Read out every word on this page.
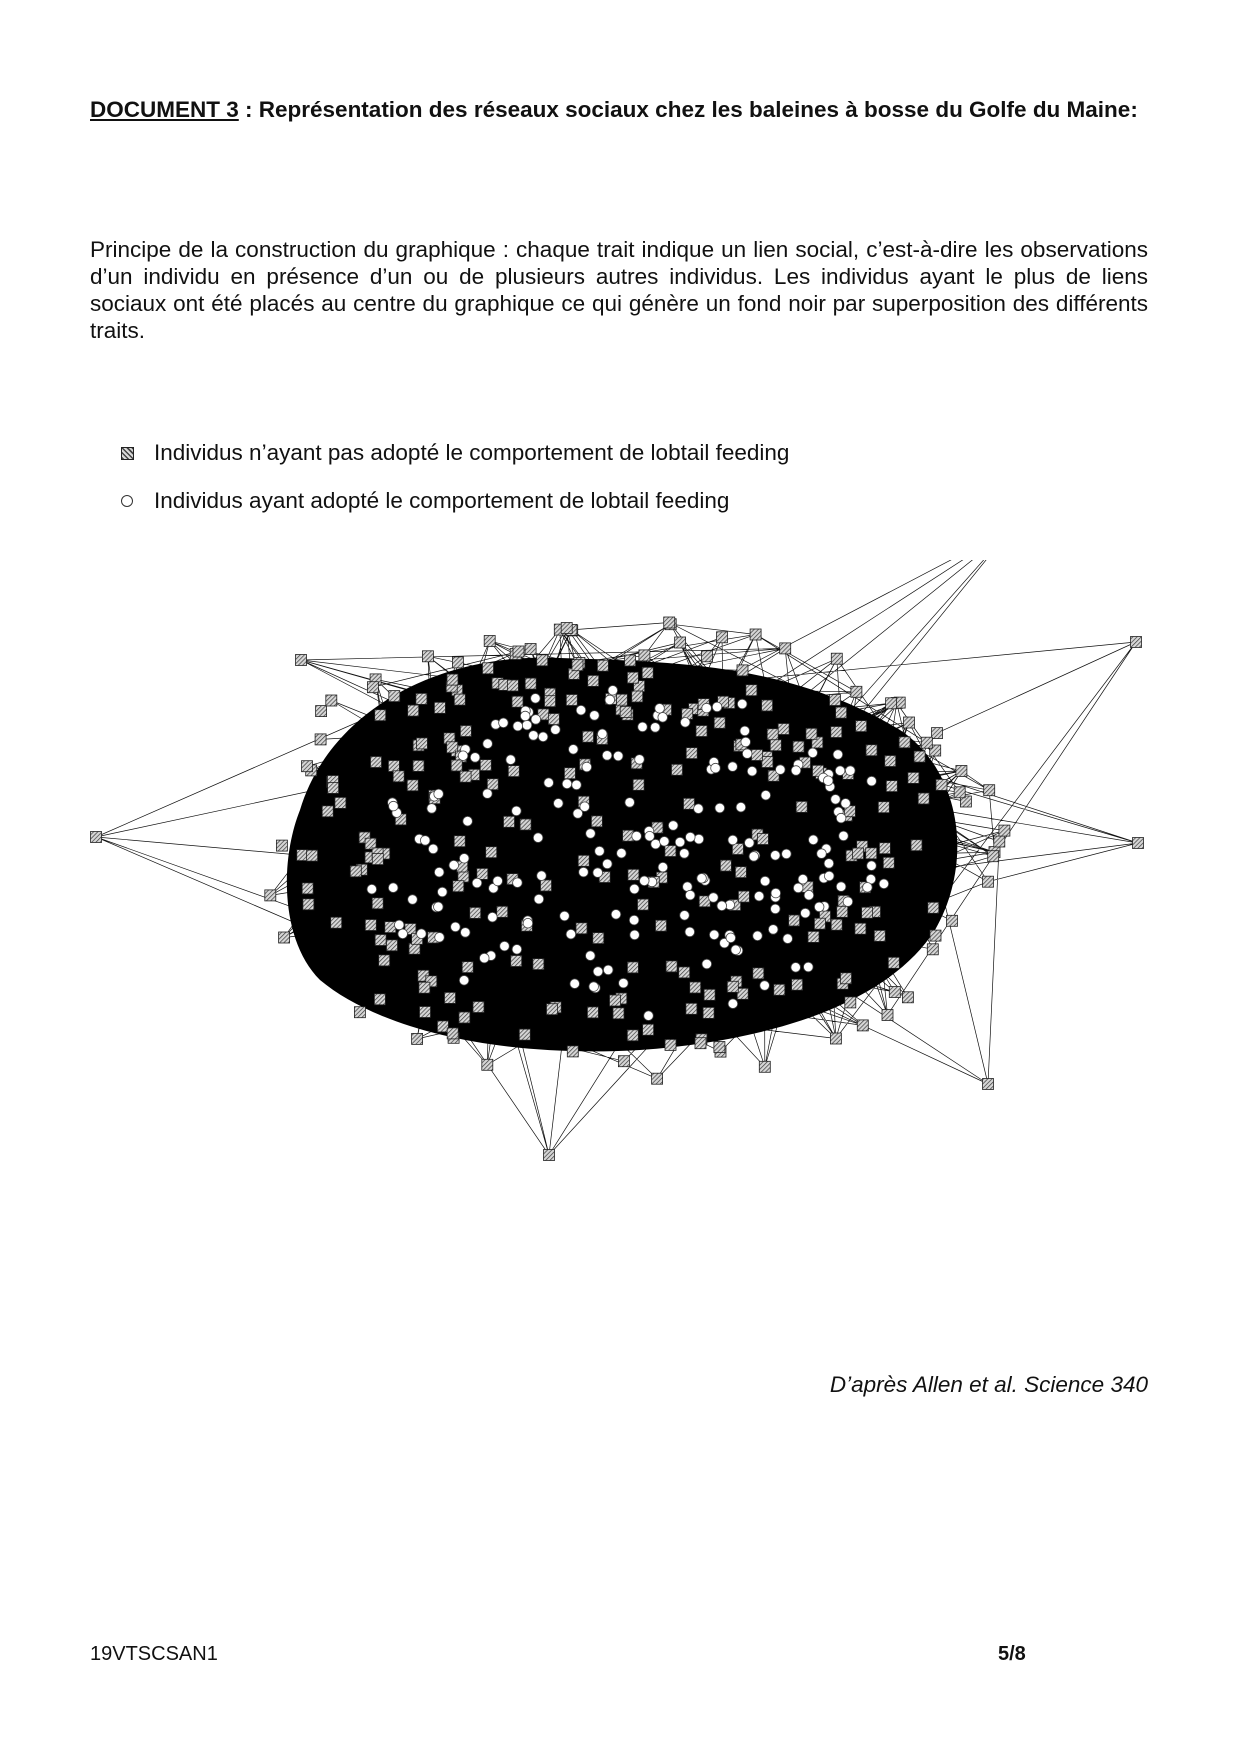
DOCUMENT 3 : Représentation des réseaux sociaux chez les baleines à bosse du Golfe du Maine:
Principe de la construction du graphique : chaque trait indique un lien social, c’est-à-dire les observations d’un individu en présence d’un ou de plusieurs autres individus. Les individus ayant le plus de liens sociaux ont été placés au centre du graphique ce qui génère un fond noir par superposition des différents traits.
Individus n’ayant pas adopté le comportement de lobtail feeding
Individus ayant adopté le comportement de lobtail feeding
D’après Allen et al. Science 340
19VTSCSAN1	5/8
